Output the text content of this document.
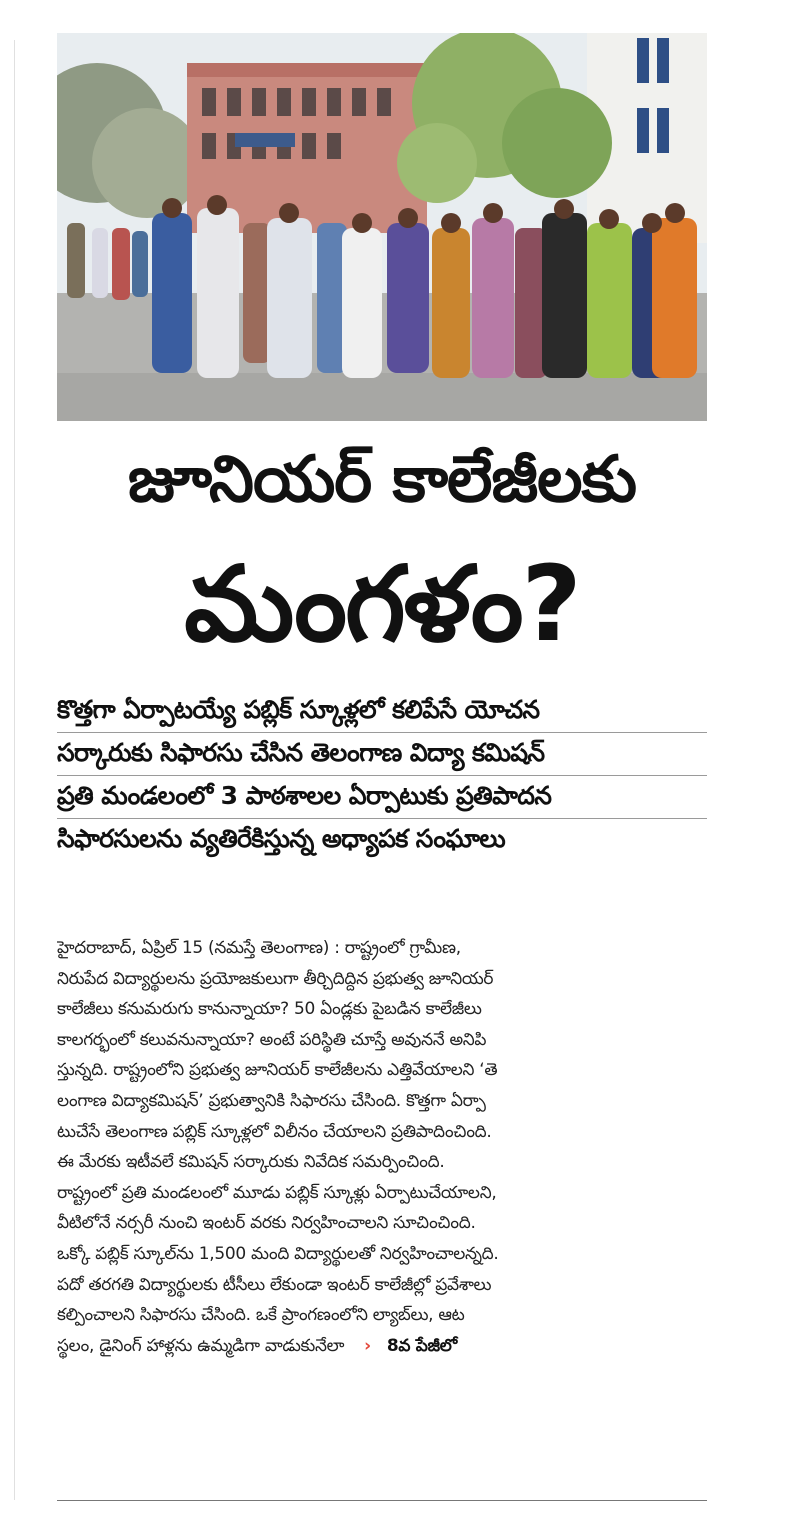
జూనియర్ కాలేజీలకు
మంగళం?
కొత్తగా ఏర్పాటయ్యే పబ్లిక్ స్కూళ్లలో కలిపేసే యోచన
సర్కారుకు సిఫారసు చేసిన తెలంగాణ విద్యా కమిషన్
ప్రతి మండలంలో 3 పాఠశాలల ఏర్పాటుకు ప్రతిపాదన
సిఫారసులను వ్యతిరేకిస్తున్న అధ్యాపక సంఘాలు
హైదరాబాద్, ఏప్రిల్ 15 (నమస్తే తెలంగాణ) : రాష్ట్రంలో గ్రామీణ,
నిరుపేద విద్యార్థులను ప్రయోజకులుగా తీర్చిదిద్దిన ప్రభుత్వ జూనియర్
కాలేజీలు కనుమరుగు కానున్నాయా? 50 ఏండ్లకు పైబడిన కాలేజీలు
కాలగర్భంలో కలువనున్నాయా? అంటే పరిస్థితి చూస్తే అవుననే అనిపి
స్తున్నది. రాష్ట్రంలోని ప్రభుత్వ జూనియర్ కాలేజీలను ఎత్తివేయాలని ‘తె
లంగాణ విద్యాకమిషన్’ ప్రభుత్వానికి సిఫారసు చేసింది. కొత్తగా ఏర్పా
టుచేసే తెలంగాణ పబ్లిక్ స్కూళ్లలో విలీనం చేయాలని ప్రతిపాదించింది.
ఈ మేరకు ఇటీవలే కమిషన్ సర్కారుకు నివేదిక సమర్పించింది.
రాష్ట్రంలో ప్రతి మండలంలో మూడు పబ్లిక్ స్కూళ్లు ఏర్పాటుచేయాలని,
వీటిలోనే నర్సరీ నుంచి ఇంటర్ వరకు నిర్వహించాలని సూచించింది.
ఒక్కో పబ్లిక్ స్కూల్‌ను 1,500 మంది విద్యార్థులతో నిర్వహించాలన్నది.
పదో తరగతి విద్యార్థులకు టీసీలు లేకుండా ఇంటర్ కాలేజీల్లో ప్రవేశాలు
కల్పించాలని సిఫారసు చేసింది. ఒకే ప్రాంగణంలోని ల్యాబ్‌లు, ఆట
స్థలం, డైనింగ్ హాళ్లను ఉమ్మడిగా వాడుకునేలా › 8వ పేజీలో
